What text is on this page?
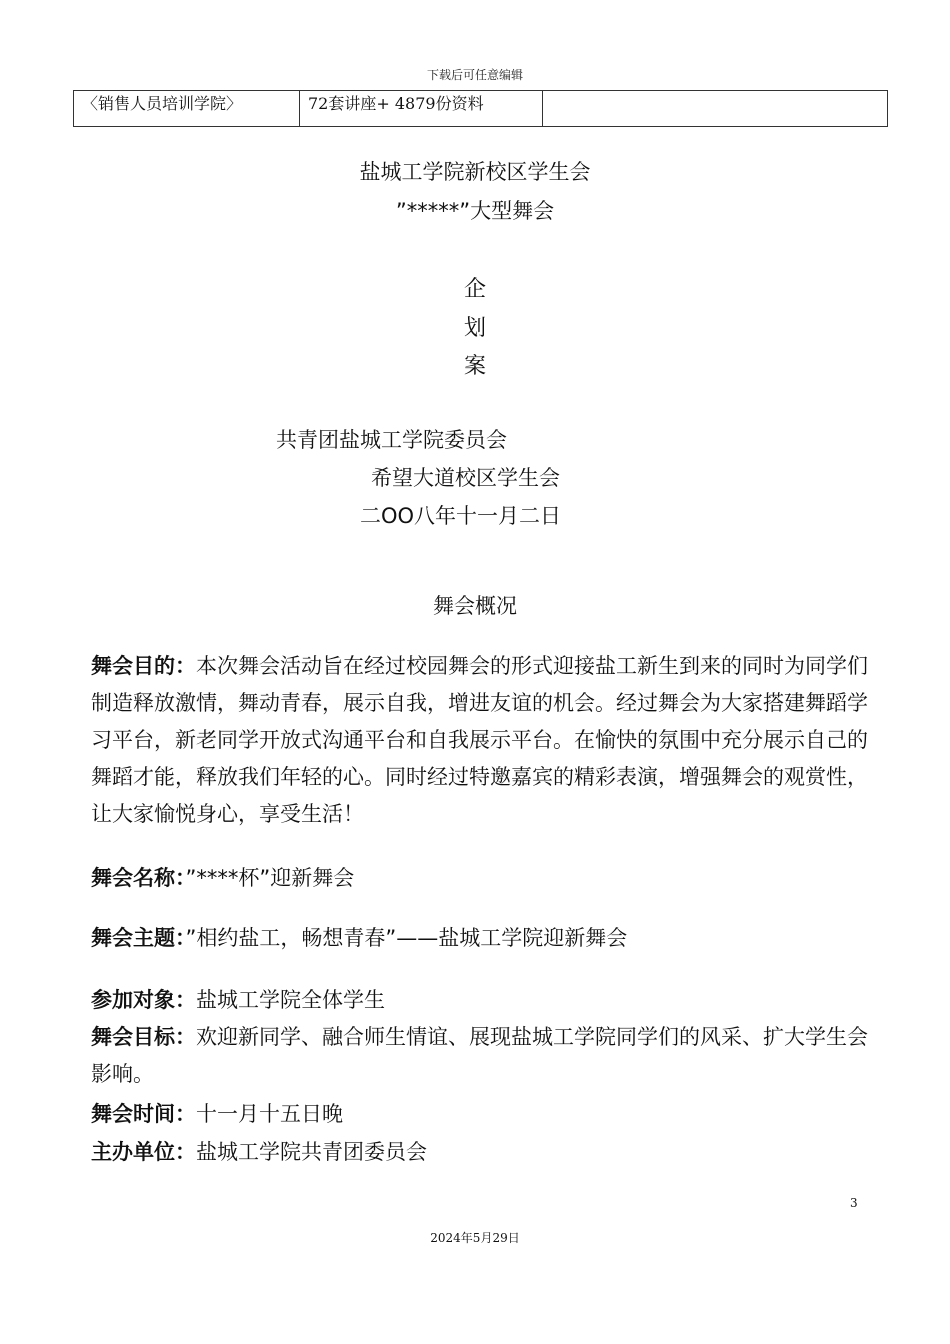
下载后可任意编辑
〈销售人员培训学院〉	72套讲座+ 4879份资料	
盐城工学院新校区学生会
”*****”大型舞会
企
划
案
共青团盐城工学院委员会
希望大道校区学生会
二OO八年十一月二日
舞会概况
舞会目的：本次舞会活动旨在经过校园舞会的形式迎接盐工新生到来的同时为同学们制造释放激情，舞动青春，展示自我，增进友谊的机会。经过舞会为大家搭建舞蹈学习平台，新老同学开放式沟通平台和自我展示平台。在愉快的氛围中充分展示自己的舞蹈才能，释放我们年轻的心。同时经过特邀嘉宾的精彩表演，增强舞会的观赏性，让大家愉悦身心，享受生活！
舞会名称：”****杯”迎新舞会
舞会主题：”相约盐工，畅想青春”——盐城工学院迎新舞会
参加对象：盐城工学院全体学生
舞会目标：欢迎新同学、融合师生情谊、展现盐城工学院同学们的风采、扩大学生会影响。
舞会时间：十一月十五日晚
主办单位：盐城工学院共青团委员会
3
2024年5月29日
